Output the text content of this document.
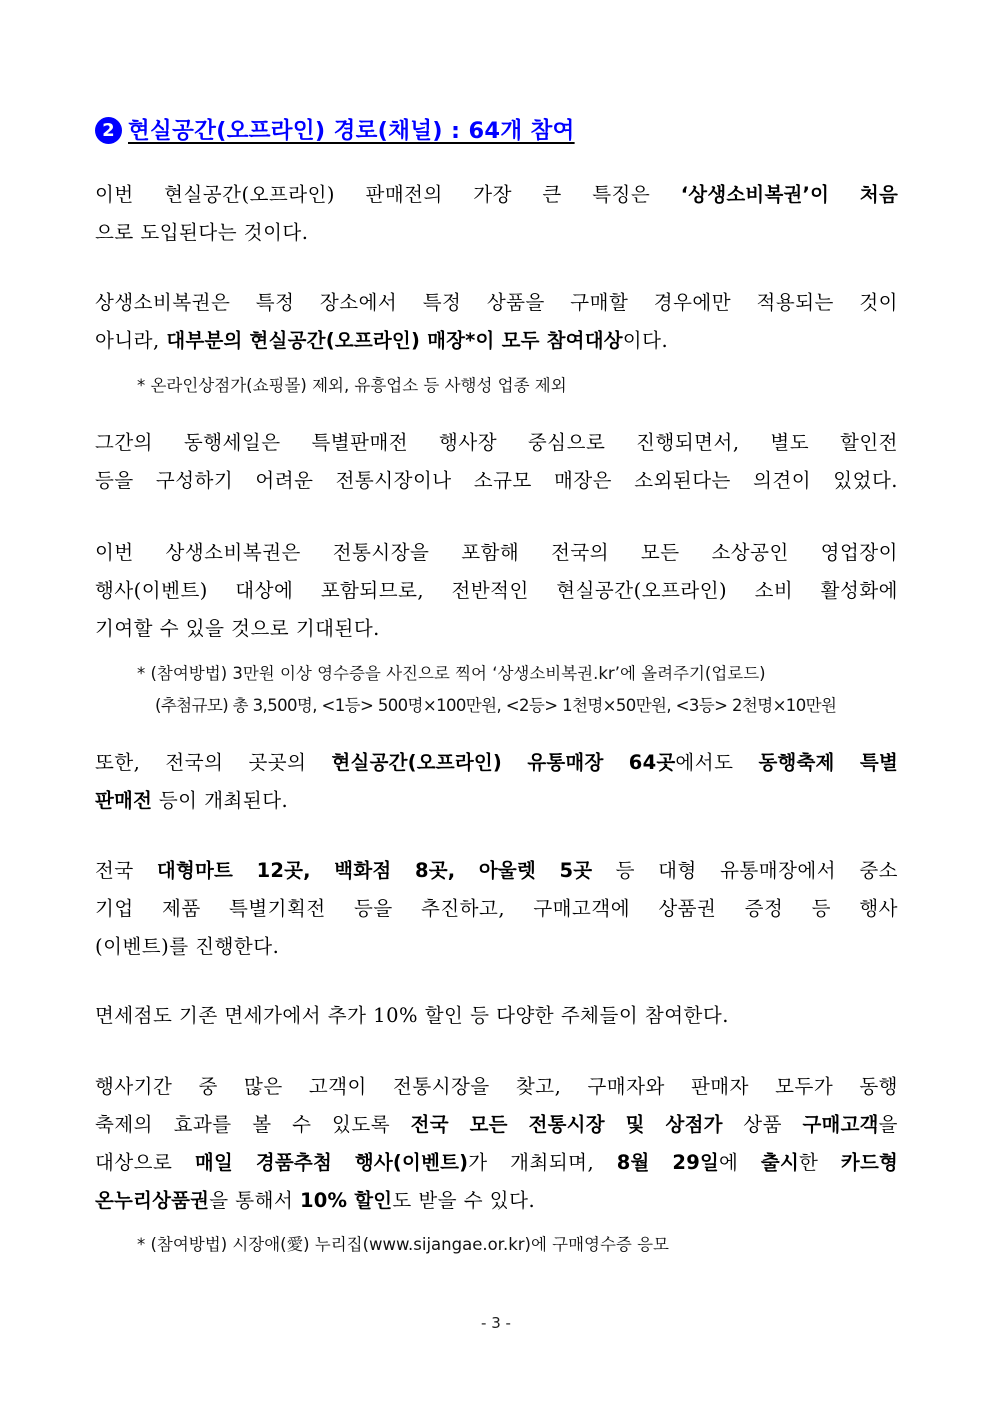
2 현실공간(오프라인) 경로(채널) : 64개 참여

이번 현실공간(오프라인) 판매전의 가장 큰 특징은 ‘상생소비복권’이 처음
으로 도입된다는 것이다.

상생소비복권은 특정 장소에서 특정 상품을 구매할 경우에만 적용되는 것이
아니라, 대부분의 현실공간(오프라인) 매장*이 모두 참여대상이다.

* 온라인상점가(쇼핑몰) 제외, 유흥업소 등 사행성 업종 제외

그간의 동행세일은 특별판매전 행사장 중심으로 진행되면서, 별도 할인전
등을 구성하기 어려운 전통시장이나 소규모 매장은 소외된다는 의견이 있었다.

이번 상생소비복권은 전통시장을 포함해 전국의 모든 소상공인 영업장이
행사(이벤트) 대상에 포함되므로, 전반적인 현실공간(오프라인) 소비 활성화에
기여할 수 있을 것으로 기대된다.

* (참여방법) 3만원 이상 영수증을 사진으로 찍어 ‘상생소비복권.kr’에 올려주기(업로드)

(추첨규모) 총 3,500명, <1등> 500명×100만원, <2등> 1천명×50만원, <3등> 2천명×10만원

또한, 전국의 곳곳의 현실공간(오프라인) 유통매장 64곳에서도 동행축제 특별
판매전 등이 개최된다.

전국 대형마트 12곳, 백화점 8곳, 아울렛 5곳 등 대형 유통매장에서 중소
기업 제품 특별기획전 등을 추진하고, 구매고객에 상품권 증정 등 행사
(이벤트)를 진행한다.

면세점도 기존 면세가에서 추가 10% 할인 등 다양한 주체들이 참여한다.

행사기간 중 많은 고객이 전통시장을 찾고, 구매자와 판매자 모두가 동행
축제의 효과를 볼 수 있도록 전국 모든 전통시장 및 상점가 상품 구매고객을
대상으로 매일 경품추첨 행사(이벤트)가 개최되며, 8월 29일에 출시한 카드형
온누리상품권을 통해서 10% 할인도 받을 수 있다.

* (참여방법) 시장애(愛) 누리집(www.sijangae.or.kr)에 구매영수증 응모

- 3 -
